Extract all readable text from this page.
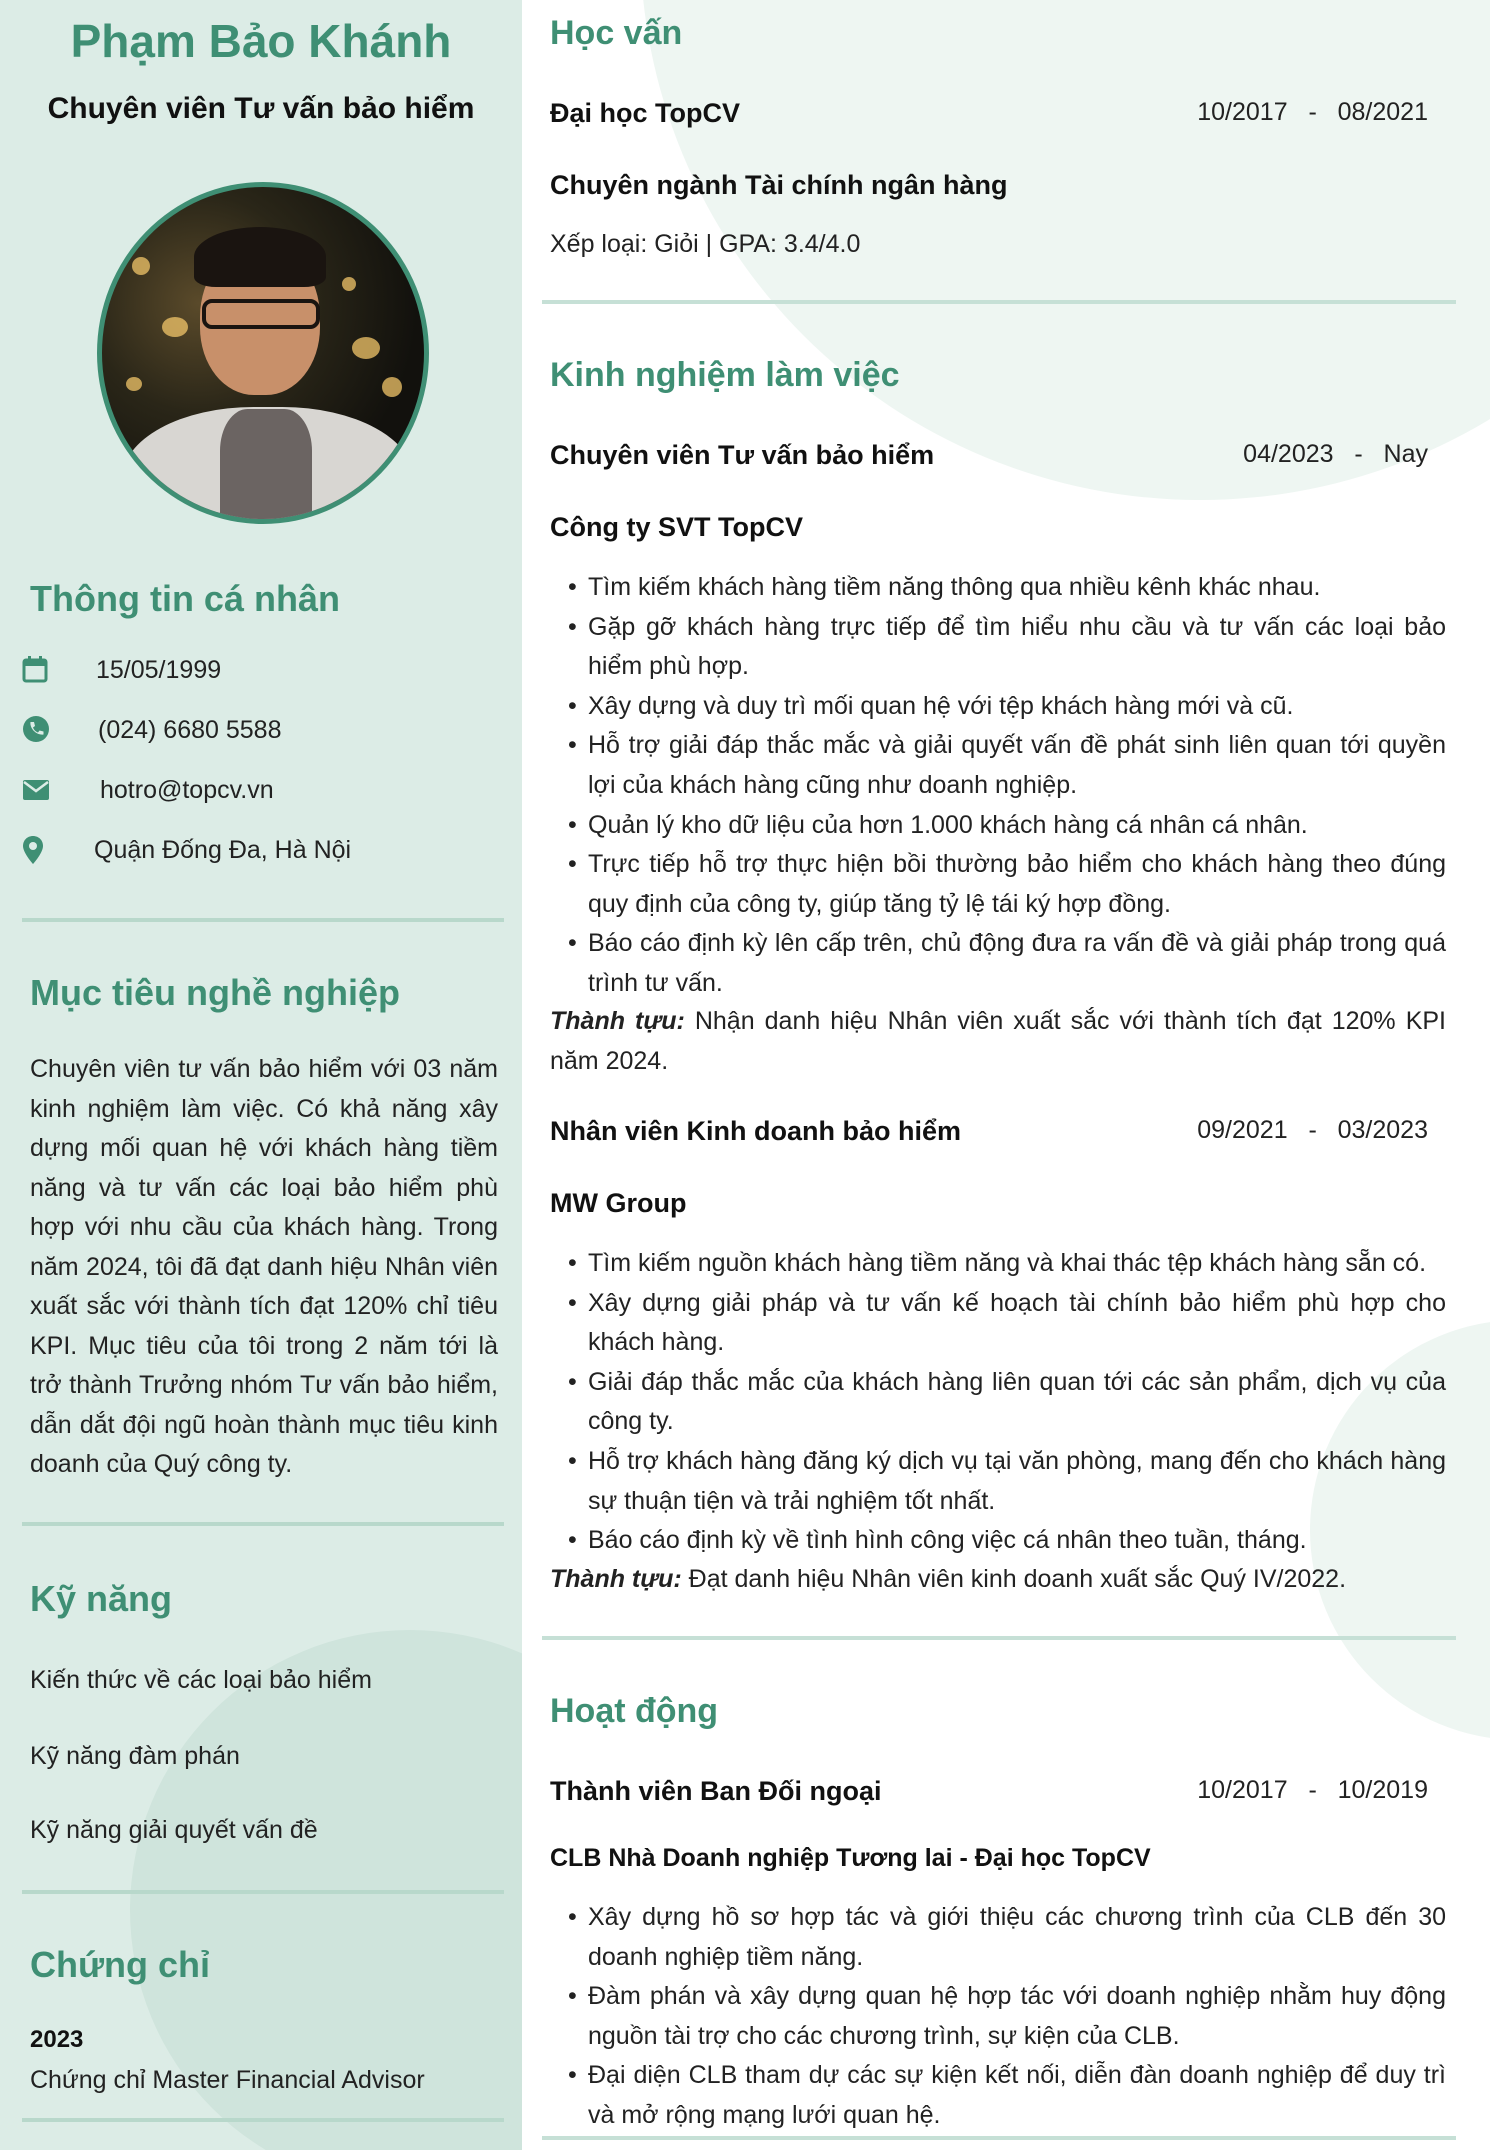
Phạm Bảo Khánh
Chuyên viên Tư vấn bảo hiểm
Thông tin cá nhân
15/05/1999
(024) 6680 5588
hotro@topcv.vn
Quận Đống Đa, Hà Nội
Mục tiêu nghề nghiệp
Chuyên viên tư vấn bảo hiểm với 03 năm kinh nghiệm làm việc. Có khả năng xây dựng mối quan hệ với khách hàng tiềm năng và tư vấn các loại bảo hiểm phù hợp với nhu cầu của khách hàng. Trong năm 2024, tôi đã đạt danh hiệu Nhân viên xuất sắc với thành tích đạt 120% chỉ tiêu KPI. Mục tiêu của tôi trong 2 năm tới là trở thành Trưởng nhóm Tư vấn bảo hiểm, dẫn dắt đội ngũ hoàn thành mục tiêu kinh doanh của Quý công ty.
Kỹ năng
Kiến thức về các loại bảo hiểm
Kỹ năng đàm phán
Kỹ năng giải quyết vấn đề
Chứng chỉ
2023
Chứng chỉ Master Financial Advisor
Học vấn
Đại học TopCV	10/2017   -   08/2021
Chuyên ngành Tài chính ngân hàng
Xếp loại: Giỏi | GPA: 3.4/4.0
Kinh nghiệm làm việc
Chuyên viên Tư vấn bảo hiểm	04/2023   -   Nay
Công ty SVT TopCV
• Tìm kiếm khách hàng tiềm năng thông qua nhiều kênh khác nhau.
• Gặp gỡ khách hàng trực tiếp để tìm hiểu nhu cầu và tư vấn các loại bảo hiểm phù hợp.
• Xây dựng và duy trì mối quan hệ với tệp khách hàng mới và cũ.
• Hỗ trợ giải đáp thắc mắc và giải quyết vấn đề phát sinh liên quan tới quyền lợi của khách hàng cũng như doanh nghiệp.
• Quản lý kho dữ liệu của hơn 1.000 khách hàng cá nhân cá nhân.
• Trực tiếp hỗ trợ thực hiện bồi thường bảo hiểm cho khách hàng theo đúng quy định của công ty, giúp tăng tỷ lệ tái ký hợp đồng.
• Báo cáo định kỳ lên cấp trên, chủ động đưa ra vấn đề và giải pháp trong quá trình tư vấn.
Thành tựu: Nhận danh hiệu Nhân viên xuất sắc với thành tích đạt 120% KPI năm 2024.
Nhân viên Kinh doanh bảo hiểm	09/2021   -   03/2023
MW Group
• Tìm kiếm nguồn khách hàng tiềm năng và khai thác tệp khách hàng sẵn có.
• Xây dựng giải pháp và tư vấn kế hoạch tài chính bảo hiểm phù hợp cho khách hàng.
• Giải đáp thắc mắc của khách hàng liên quan tới các sản phẩm, dịch vụ của công ty.
• Hỗ trợ khách hàng đăng ký dịch vụ tại văn phòng, mang đến cho khách hàng sự thuận tiện và trải nghiệm tốt nhất.
• Báo cáo định kỳ về tình hình công việc cá nhân theo tuần, tháng.
Thành tựu: Đạt danh hiệu Nhân viên kinh doanh xuất sắc Quý IV/2022.
Hoạt động
Thành viên Ban Đối ngoại	10/2017   -   10/2019
CLB Nhà Doanh nghiệp Tương lai - Đại học TopCV
• Xây dựng hồ sơ hợp tác và giới thiệu các chương trình của CLB đến 30 doanh nghiệp tiềm năng.
• Đàm phán và xây dựng quan hệ hợp tác với doanh nghiệp nhằm huy động nguồn tài trợ cho các chương trình, sự kiện của CLB.
• Đại diện CLB tham dự các sự kiện kết nối, diễn đàn doanh nghiệp để duy trì và mở rộng mạng lưới quan hệ.
